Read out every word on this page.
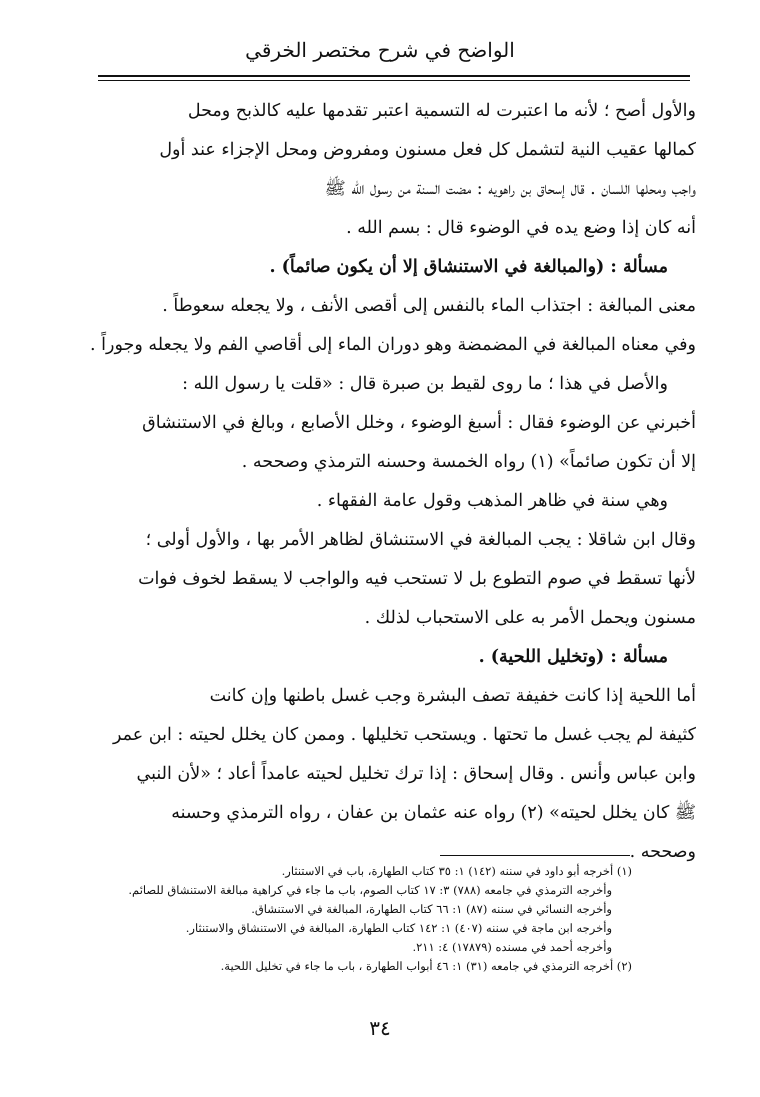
الواضح في شرح مختصر الخرقي
والأول أصح ؛ لأنه ما اعتبرت له التسمية اعتبر تقدمها عليه كالذبح ومحل
كمالها عقيب النية لتشمل كل فعل مسنون ومفروض ومحل الإجزاء عند أول
واجب ومحلها اللسان . قال إسحاق بن راهويه : مضت السنة من رسول الله ﷺ
أنه كان إذا وضع يده في الوضوء قال : بسم الله .
مسألة : (والمبالغة في الاستنشاق إلا أن يكون صائماً) .
معنى المبالغة : اجتذاب الماء بالنفس إلى أقصى الأنف ، ولا يجعله سعوطاً .
وفي معناه المبالغة في المضمضة وهو دوران الماء إلى أقاصي الفم ولا يجعله وجوراً .
والأصل في هذا ؛ ما روى لقيط بن صبرة قال : «قلت يا رسول الله :
أخبرني عن الوضوء فقال : أسبغ الوضوء ، وخلل الأصابع ، وبالغ في الاستنشاق
إلا أن تكون صائماً» (١) رواه الخمسة وحسنه الترمذي وصححه .
وهي سنة في ظاهر المذهب وقول عامة الفقهاء .
وقال ابن شاقلا : يجب المبالغة في الاستنشاق لظاهر الأمر بها ، والأول أولى ؛
لأنها تسقط في صوم التطوع بل لا تستحب فيه والواجب لا يسقط لخوف فوات
مسنون ويحمل الأمر به على الاستحباب لذلك .
مسألة : (وتخليل اللحية) .
أما اللحية إذا كانت خفيفة تصف البشرة وجب غسل باطنها وإن كانت
كثيفة لم يجب غسل ما تحتها . ويستحب تخليلها . وممن كان يخلل لحيته : ابن عمر
وابن عباس وأنس . وقال إسحاق : إذا ترك تخليل لحيته عامداً أعاد ؛ «لأن النبي
ﷺ كان يخلل لحيته» (٢) رواه عنه عثمان بن عفان ، رواه الترمذي وحسنه
وصححه .
(١) أخرجه أبو داود في سننه (١٤٢) ١: ٣٥ كتاب الطهارة، باب في الاستنثار.
وأخرجه الترمذي في جامعه (٧٨٨) ٣: ١٧ كتاب الصوم، باب ما جاء في كراهية مبالغة الاستنشاق للصائم.
وأخرجه النسائي في سننه (٨٧) ١: ٦٦ كتاب الطهارة، المبالغة في الاستنشاق.
وأخرجه ابن ماجة في سننه (٤٠٧) ١: ١٤٢ كتاب الطهارة، المبالغة في الاستنشاق والاستنثار.
وأخرجه أحمد في مسنده (١٧٨٧٩) ٤: ٢١١.
(٢) أخرجه الترمذي في جامعه (٣١) ١: ٤٦ أبواب الطهارة ، باب ما جاء في تخليل اللحية.
٣٤
